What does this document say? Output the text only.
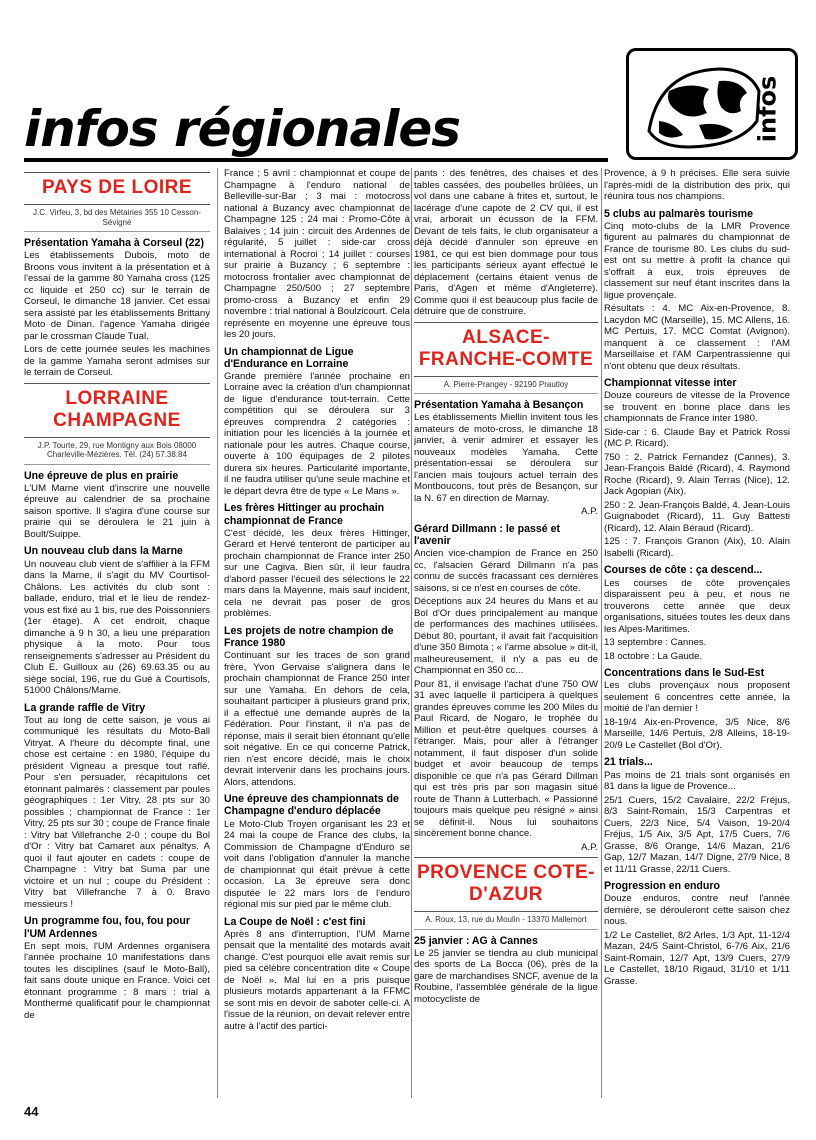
infos régionales	infos
PAYS DE LOIRE
J.C. Virfeu, 3, bd des Métairies 355 10 Cesson-Sévigné
Présentation Yamaha à Corseul (22)

Les établissements Dubois, moto de Broons vous invitent à la présentation et à l'essai de la gamme 80 Yamaha cross (125 cc liquide et 250 cc) sur le terrain de Corseul, le dimanche 18 janvier. Cet essai sera assisté par les établissements Brittany Moto de Dinan. l'agence Yamaha dirigée par le crossman Claude Tual.

Lors de cette journée seules les machines de la gamme Yamaha seront admises sur le terrain de Corseul.

LORRAINE CHAMPAGNE
J.P. Tourte, 29, rue Montigny aux Bois 08000 Charleville-Mézières. Tél. (24) 57.38.84
Une épreuve de plus en prairie

L'UM Marne vient d'inscrire une nouvelle épreuve au calendrier de sa prochaine saison sportive. Il s'agira d'une course sur prairie qui se déroulera le 21 juin à Boult/Suippe.

Un nouveau club dans la Marne

Un nouveau club vient de s'affilier à la FFM dans la Marne, il s'agit du MV Courtisol-Châlons. Les activités du club sont : ballade, enduro, trial et le lieu de rendez-vous est fixé au 1 bis, rue des Poissonniers (1er étage). A cet endroit, chaque dimanche à 9 h 30, a lieu une préparation physique à la moto. Pour tous renseignements s'adresser au Président du Club E. Guilloux au (26) 69.63.35 ou au siège social, 196, rue du Gué à Courtisols, 51000 Châlons/Marne.

La grande raffle de Vitry

Tout au long de cette saison, je vous ai communiqué les résultats du Moto-Ball Vitryat. A l'heure du décompte final, une chose est certaine : en 1980, l'équipe du président Vigneau a presque tout raflé. Pour s'en persuader, récapitulons cet étonnant palmarès : classement par poules géographiques : 1er Vitry, 28 pts sur 30 possibles ; championnat de France : 1er Vitry, 25 pts sur 30 ; coupe de France finale : Vitry bat Villefranche 2-0 ; coupe du Bol d'Or : Vitry bat Camaret aux pénaltys. A quoi il faut ajouter en cadets : coupe de Champagne : Vitry bat Suma par une victoire et un nul ; coupe du Président : Vitry bat Villefranche 7 à 0. Bravo messieurs !

Un programme fou, fou, fou pour l'UM Ardennes

En sept mois, l'UM Ardennes organisera l'année prochaine 10 manifestations dans toutes les disciplines (sauf le Moto-Ball), fait sans doute unique en France. Voici cet étonnant programme : 8 mars : trial à Monthermé qualificatif pour le championnat de

France ; 5 avril : championnat et coupe de Champagne à l'enduro national de Belleville-sur-Bar ; 3 mai : motocross national à Buzancy avec championnat de Champagne 125 ; 24 mai : Promo-Côte à Balaives ; 14 juin : circuit des Ardennes de régularité, 5 juillet : side-car cross international à Rocroi ; 14 juillet : courses sur prairie à Buzancy ; 6 septembre : motocross frontalier avec championnat de Champagne 250/500 ; 27 septembre promo-cross à Buzancy et enfin 29 novembre : trial national à Boulzicourt. Cela représente en moyenne une épreuve tous les 20 jours.

Un championnat de Ligue d'Endurance en Lorraine

Grande première l'année prochaine en Lorraine avec la création d'un championnat de ligue d'endurance tout-terrain. Cette compétition qui se déroulera sur 3 épreuves comprendra 2 catégories : initiation pour les licenciés à la journée et nationale pour les autres. Chaque course, ouverte à 100 équipages de 2 pilotes durera six heures. Particularité importante, il ne faudra utiliser qu'une seule machine et le départ devra être de type « Le Mans ».

Les frères Hittinger au prochain championnat de France

C'est décidé, les deux frères Hittinger, Gérard et Hervé tenteront de participer au prochain championnat de France inter 250 sur une Cagiva. Bien sûr, il leur faudra d'abord passer l'écueil des sélections le 22 mars dans la Mayenne, mais sauf incident, cela ne devrait pas poser de gros problèmes.

Les projets de notre champion de France 1980

Continuant sur les traces de son grand frère, Yvon Gervaise s'alignera dans le prochain championnat de France 250 inter sur une Yamaha. En dehors de cela, souhaitant participer à plusieurs grand prix, il a effectué une demande auprès de la Fédération. Pour l'instant, il n'a pas de réponse, mais il serait bien étonnant qu'elle soit négative. En ce qui concerne Patrick, rien n'est encore décidé, mais le choix devrait intervenir dans les prochains jours. Alors, attendons.

Une épreuve des championnats de Champagne d'enduro déplacée

Le Moto-Club Troyen organisant les 23 et 24 mai la coupe de France des clubs, la Commission de Champagne d'Enduro se voit dans l'obligation d'annuler la manche de championnat qui était prévue à cette occasion. La 3e épreuve sera donc disputée le 22 mars lors de l'enduro régional mis sur pied par le même club.

La Coupe de Noël : c'est fini

Après 8 ans d'interruption, l'UM Marne pensait que la mentalité des motards avait changé. C'est pourquoi elle avait remis sur pied sa célèbre concentration dite « Coupe de Noël ». Mal lui en a pris puisque plusieurs motards appartenant à la FFMC se sont mis en devoir de saboter celle-ci. A l'issue de la réunion, on devait relever entre autre à l'actif des partici-

pants : des fenêtres, des chaises et des tables cassées, des poubelles brûlées, un vol dans une cabane à frites et, surtout, le lacérage d'une capote de 2 CV qui, il est vrai, arborait un écusson de la FFM. Devant de tels faits, le club organisateur a déjà décidé d'annuler son épreuve en 1981, ce qui est bien dommage pour tous les participants sérieux ayant effectué le déplacement (certains étaient venus de Paris, d'Agen et même d'Angleterre). Comme quoi il est beaucoup plus facile de détruire que de construire.

ALSACE-FRANCHE-COMTE
A. Pierre-Prangey - 92190 Prautloy
Présentation Yamaha à Besançon

Les établissements Miellin invitent tous les amateurs de moto-cross, le dimanche 18 janvier, à venir admirer et essayer les nouveaux modèles Yamaha. Cette présentation-essai se déroulera sur l'ancien mais toujours actuel terrain des Montboucons, tout près de Besançon, sur la N. 67 en direction de Marnay.

A.P.

Gérard Dillmann : le passé et l'avenir

Ancien vice-champion de France en 250 cc, l'alsacien Gérard Dillmann n'a pas connu de succès fracassant ces dernières saisons, si ce n'est en courses de côte.

Déceptions aux 24 heures du Mans et au Bol d'Or dues principalement au manque de performances des machines utilisées. Début 80, pourtant, il avait fait l'acquisition d'une 350 Bimota ; « l'arme absolue » dit-il, malheureusement, il n'y a pas eu de Championnat en 350 cc...

Pour 81, il envisage l'achat d'une 750 OW 31 avec laquelle il participera à quelques grandes épreuves comme les 200 Miles du Paul Ricard, de Nogaro, le trophée du Million et peut-être quelques courses à l'étranger. Mais, pour aller à l'étranger notamment, il faut disposer d'un solide budget et avoir beaucoup de temps disponible ce que n'a pas Gérard Dillman qui est très pris par son magasin situé route de Thann à Lutterbach. « Passionné toujours mais quelque peu résigné » ainsi se définit-il. Nous lui souhaitons sincèrement bonne chance.

A.P.

PROVENCE COTE-D'AZUR
A. Roux, 13, rue du Moulin - 13370 Mallemort
25 janvier : AG à Cannes

Le 25 janvier se tiendra au club municipal des sports de La Bocca (06), près de la gare de marchandises SNCF, avenue de la Roubine, l'assemblée générale de la ligue motocycliste de

Provence, à 9 h précises. Elle sera suivie l'après-midi de la distribution des prix, qui réunira tous nos champions.

5 clubs au palmarès tourisme

Cinq moto-clubs de la LMR Provence figurent au palmarès du championnat de France de tourisme 80. Les clubs du sud-est ont su mettre à profit la chance qui s'offrait à eux, trois épreuves de classement sur neuf étant inscrites dans la ligue provençale.

Résultats : 4. MC Aix-en-Provence, 8. Lacydon MC (Marseille), 15. MC Allens, 16. MC Pertuis, 17. MCC Comtat (Avignon). manquent à ce classement : l'AM Marseillaise et l'AM Carpentrassienne qui n'ont obtenu que deux résultats.

Championnat vitesse inter

Douze coureurs de vitesse de la Provence se trouvent en bonne place dans les championnats de France inter 1980.

Side-car : 6. Claude Bay et Patrick Rossi (MC P. Ricard).

750 : 2. Patrick Fernandez (Cannes), 3. Jean-François Baldé (Ricard), 4. Raymond Roche (Ricard), 9. Alain Terras (Nice), 12. Jack Agopian (Aix).

250 : 2. Jean-François Baldé, 4. Jean-Louis Guignabodet (Ricard), 11. Guy Battesti (Ricard), 12. Alain Béraud (Ricard).

125 : 7. François Granon (Aix), 10. Alain Isabelli (Ricard).

Courses de côte : ça descend...

Les courses de côte provençales disparaissent peu à peu, et nous ne trouverons cette année que deux organisations, situées toutes les deux dans les Alpes-Maritimes.

13 septembre : Cannes.

18 octobre : La Gaude.

Concentrations dans le Sud-Est

Les clubs provençaux nous proposent seulement 6 concentres cette année, la moitié de l'an dernier !

18-19/4 Aix-en-Provence, 3/5 Nice, 8/6 Marseille, 14/6 Pertuis, 2/8 Alleins, 18-19-20/9 Le Castellet (Bol d'Or).

21 trials...

Pas moins de 21 trials sont organisés en 81 dans la ligue de Provence...

25/1 Cuers, 15/2 Cavalaire, 22/2 Fréjus, 8/3 Saint-Romain, 15/3 Carpentras et Cuers, 22/3 Nice, 5/4 Vaison, 19-20/4 Fréjus, 1/5 Aix, 3/5 Apt, 17/5 Cuers, 7/6 Grasse, 8/6 Orange, 14/6 Mazan, 21/6 Gap, 12/7 Mazan, 14/7 Digne, 27/9 Nice, 8 et 11/11 Grasse, 22/11 Cuers.

Progression en enduro

Douze enduros, contre neuf l'année dernière, se dérouleront cette saison chez nous.

1/2 Le Castellet, 8/2 Arles, 1/3 Apt, 11-12/4 Mazan, 24/5 Saint-Christol, 6-7/6 Aix, 21/6 Saint-Romain, 12/7 Apt, 13/9 Cuers, 27/9 Le Castellet, 18/10 Rigaud, 31/10 et 1/11 Grasse.

44
